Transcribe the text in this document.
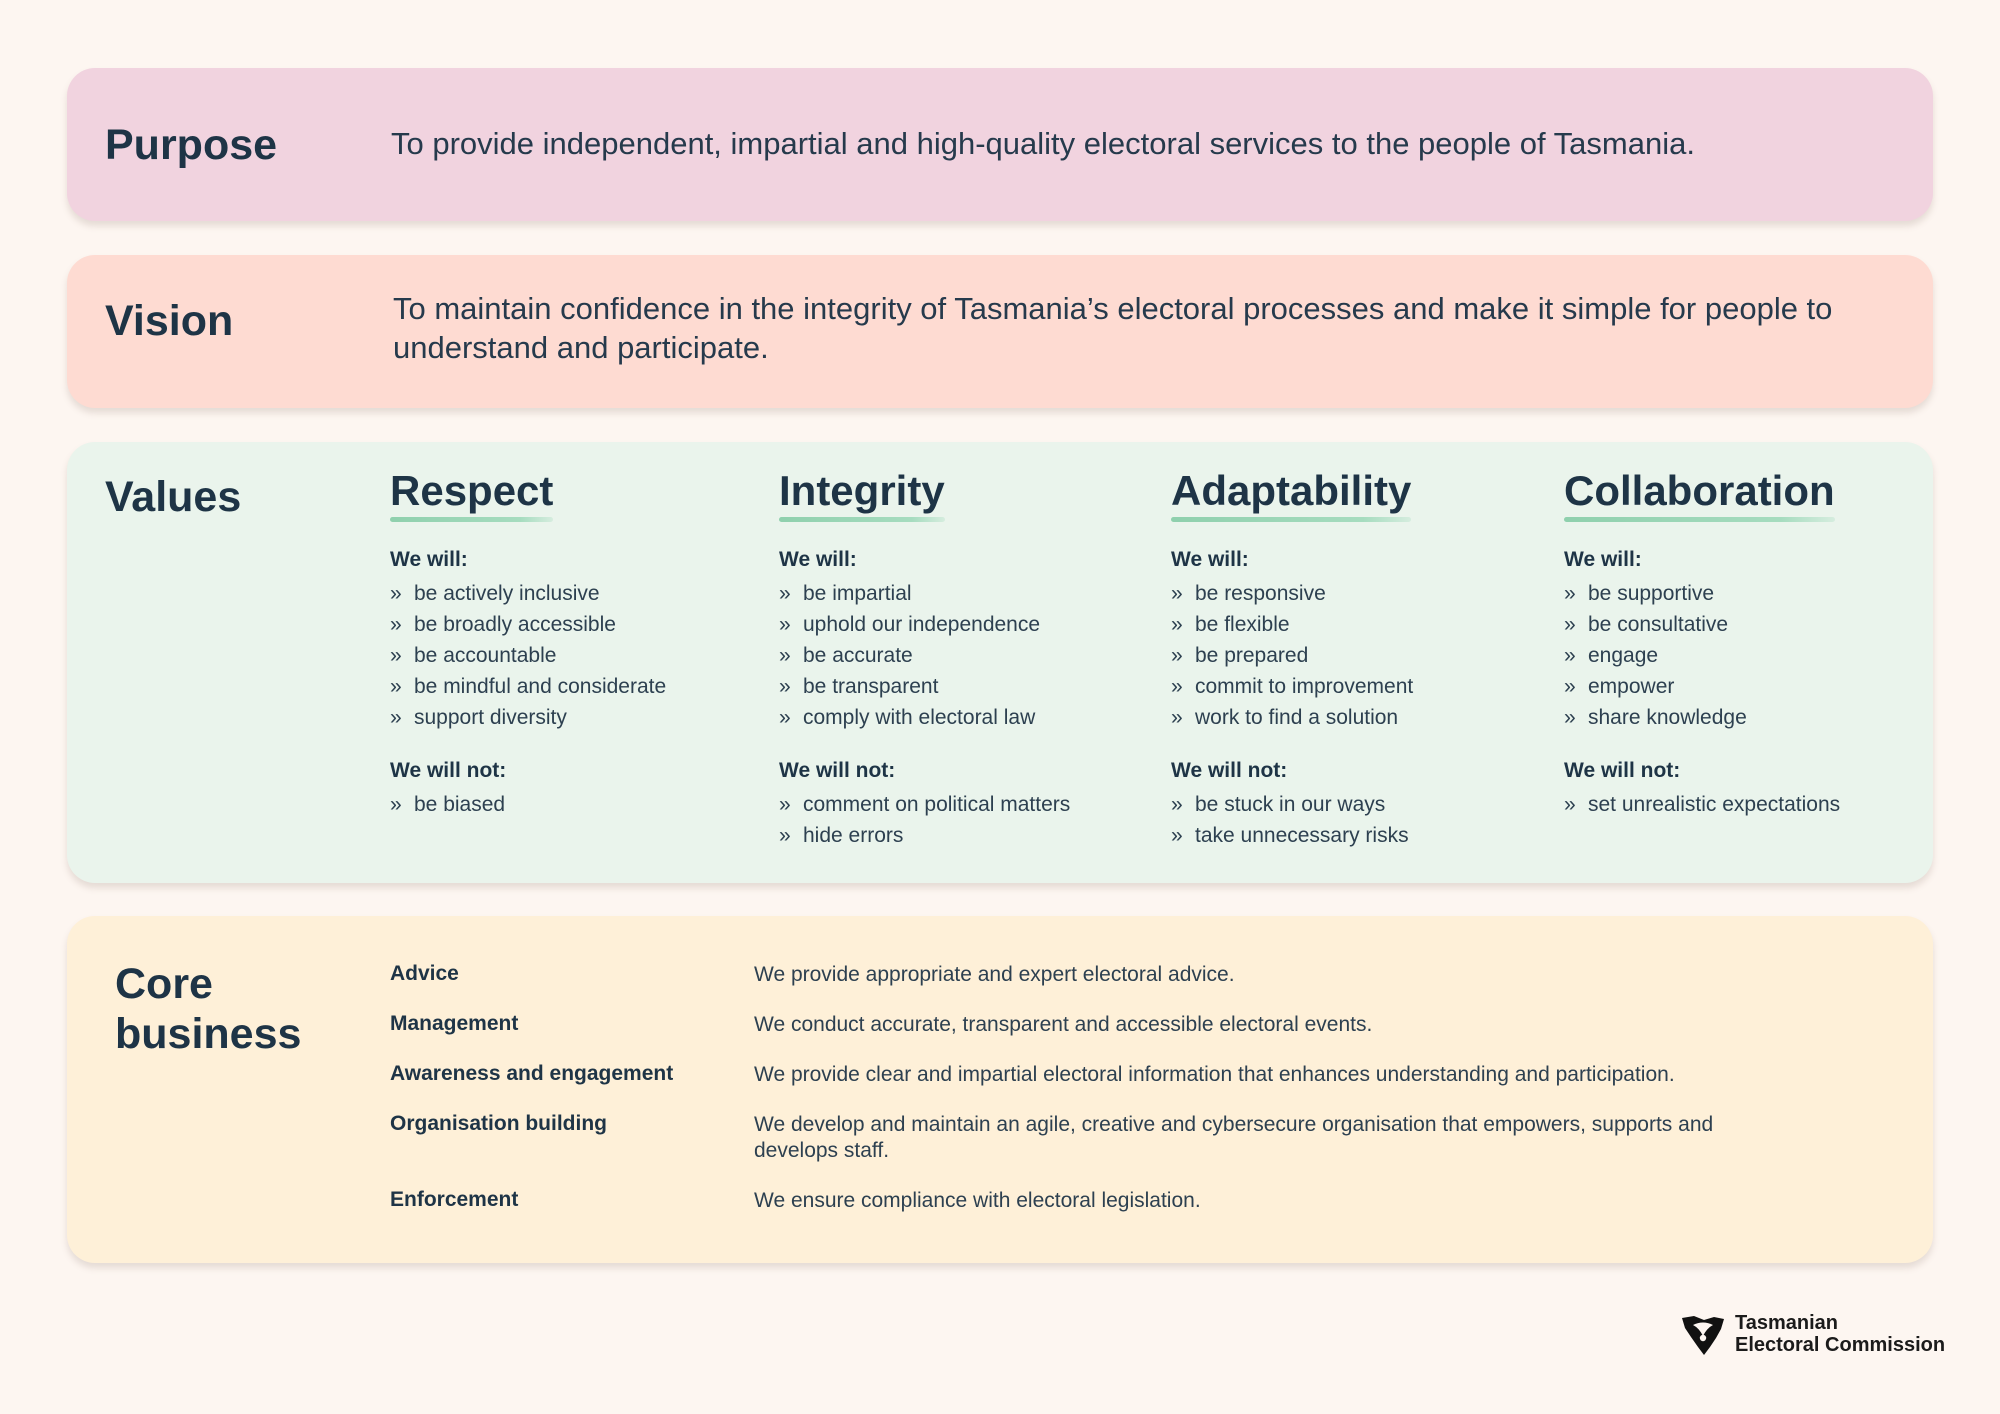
Purpose	To provide independent, impartial and high-quality electoral services to the people of Tasmania.

Vision	To maintain confidence in the integrity of Tasmania’s electoral processes and make it simple for people to understand and participate.

Values	Respect
We will:
» be actively inclusive
» be broadly accessible
» be accountable
» be mindful and considerate
» support diversity
We will not:
» be biased
Integrity
We will:
» be impartial
» uphold our independence
» be accurate
» be transparent
» comply with electoral law
We will not:
» comment on political matters
» hide errors
Adaptability
We will:
» be responsive
» be flexible
» be prepared
» commit to improvement
» work to find a solution
We will not:
» be stuck in our ways
» take unnecessary risks
Collaboration
We will:
» be supportive
» be consultative
» engage
» empower
» share knowledge
We will not:
» set unrealistic expectations
Core
business
Advice	We provide appropriate and expert electoral advice.
Management	We conduct accurate, transparent and accessible electoral events.
Awareness and engagement	We provide clear and impartial electoral information that enhances understanding and participation.
Organisation building	We develop and maintain an agile, creative and cybersecure organisation that empowers, supports and develops staff.
Enforcement	We ensure compliance with electoral legislation.
Tasmanian
Electoral Commission
